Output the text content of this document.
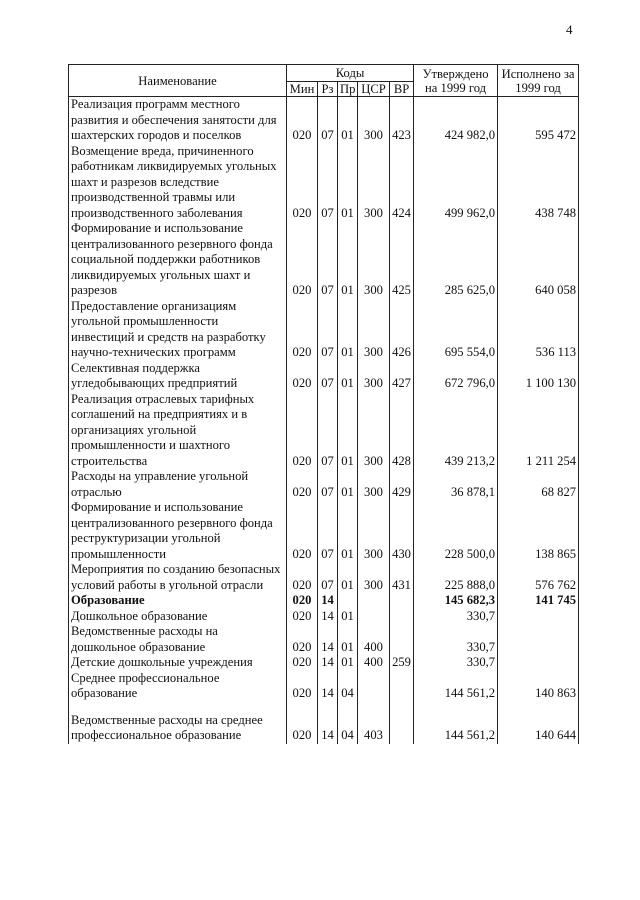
4
Наименование	Коды					Утверждено на 1999 год	Исполнено за 1999 год
	Мин	Рз	Пр	ЦСР	ВР		
Реализация программ местного развития и обеспечения занятости для шахтерских городов и поселков	020	07	01	300	423	424 982,0	595 472
Возмещение вреда, причиненного работникам ликвидируемых угольных шахт и разрезов вследствие производственной травмы или производственного заболевания	020	07	01	300	424	499 962,0	438 748
Формирование и использование централизованного резервного фонда социальной поддержки работников ликвидируемых угольных шахт и разрезов	020	07	01	300	425	285 625,0	640 058
Предоставление организациям угольной промышленности инвестиций и средств на разработку научно-технических программ	020	07	01	300	426	695 554,0	536 113
Селективная поддержка угледобывающих предприятий	020	07	01	300	427	672 796,0	1 100 130
Реализация отраслевых тарифных соглашений на предприятиях и в организациях угольной промышленности и шахтного строительства	020	07	01	300	428	439 213,2	1 211 254
Расходы на управление угольной отраслью	020	07	01	300	429	36 878,1	68 827
Формирование и использование централизованного резервного фонда реструктуризации угольной промышленности	020	07	01	300	430	228 500,0	138 865
Мероприятия по созданию безопасных условий работы в угольной отрасли	020	07	01	300	431	225 888,0	576 762
Образование	020	14				145 682,3	141 745
Дошкольное образование	020	14	01			330,7	
Ведомственные расходы на дошкольное образование	020	14	01	400		330,7	
Детские дошкольные учреждения	020	14	01	400	259	330,7	
Среднее профессиональное образование	020	14	04			144 561,2	140 863
Ведомственные расходы на среднее профессиональное образование	020	14	04	403		144 561,2	140 644
